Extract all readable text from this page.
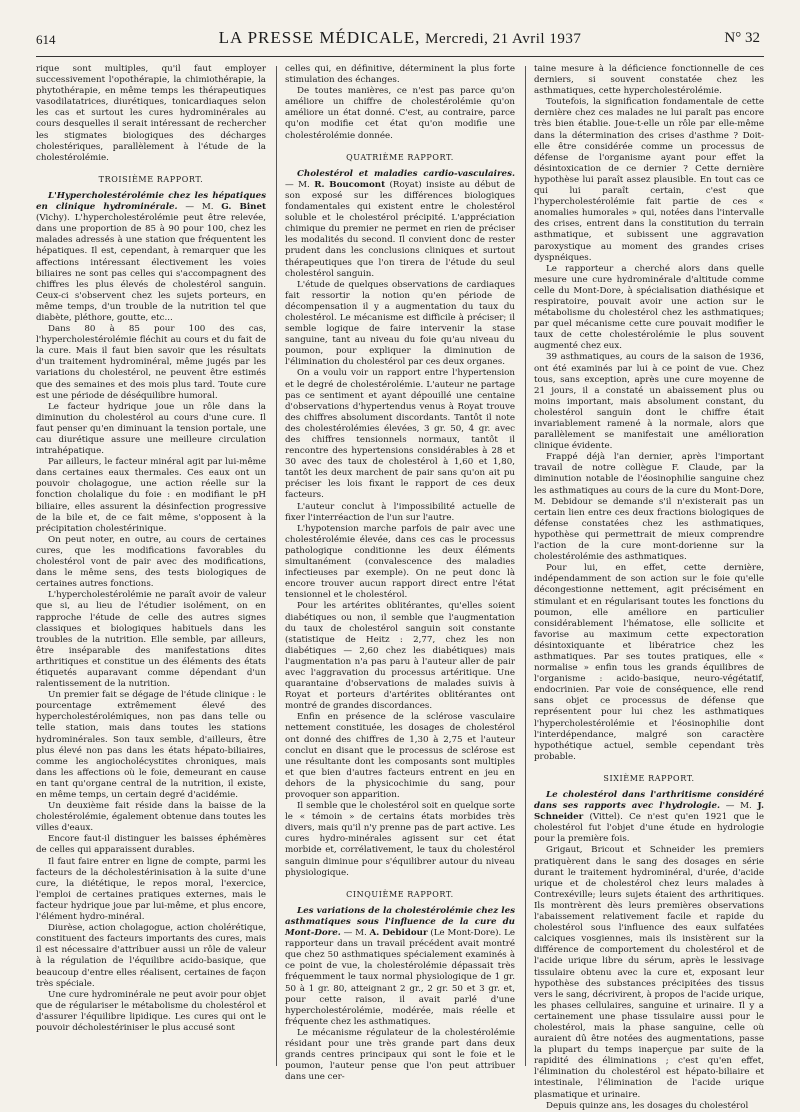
614	LA PRESSE MÉDICALE, Mercredi, 21 Avril 1937	N° 32

rique sont multiples, qu'il faut employer successivement l'opothérapie, la chimiothérapie, la phytothérapie, en même temps les thérapeutiques vasodilatatrices, diurétiques, tonicardiaques selon les cas et surtout les cures hydrominérales au cours desquelles il serait intéressant de rechercher les stigmates biologiques des décharges cholestériques, parallèlement à l'étude de la cholestérolémie.

TROISIÈME RAPPORT.

L'Hypercholestérolémie chez les hépatiques en clinique hydrominérale. — M. G. Binet (Vichy). L'hypercholestérolémie peut être relevée, dans une proportion de 85 à 90 pour 100, chez les malades adressés à une station que fréquentent les hépatiques. Il est, cependant, à remarquer que les affections intéressant électivement les voies biliaires ne sont pas celles qui s'accompagnent des chiffres les plus élevés de cholestérol sanguin. Ceux-ci s'observent chez les sujets porteurs, en même temps, d'un trouble de la nutrition tel que diabète, pléthore, goutte, etc...

Dans 80 à 85 pour 100 des cas, l'hypercholestérolémie fléchit au cours et du fait de la cure. Mais il faut bien savoir que les résultats d'un traitement hydrominéral, même jugés par les variations du cholestérol, ne peuvent être estimés que des semaines et des mois plus tard. Toute cure est une période de déséquilibre humoral.

Le facteur hydrique joue un rôle dans la diminution du cholestérol au cours d'une cure. Il faut penser qu'en diminuant la tension portale, une cau diurétique assure une meilleure circulation intrahépatique.

Par ailleurs, le facteur minéral agit par lui-même dans certaines eaux thermales. Ces eaux ont un pouvoir cholagogue, une action réelle sur la fonction cholalique du foie : en modifiant le pH biliaire, elles assurent la désinfection progressive de la bile et, de ce fait même, s'opposent à la précipitation cholestérinique.

On peut noter, en outre, au cours de certaines cures, que les modifications favorables du cholestérol vont de pair avec des modifications, dans le même sens, des tests biologiques de certaines autres fonctions.

L'hypercholestérolémie ne paraît avoir de valeur que si, au lieu de l'étudier isolément, on en rapproche l'étude de celle des autres signes classiques et biologiques habituels dans les troubles de la nutrition. Elle semble, par ailleurs, être inséparable des manifestations dites arthritiques et constitue un des éléments des états étiquetés auparavant comme dépendant d'un ralentissement de la nutrition.

Un premier fait se dégage de l'étude clinique : le pourcentage extrêmement élevé des hypercholestérolémiques, non pas dans telle ou telle station, mais dans toutes les stations hydrominérales. Son taux semble, d'ailleurs, être plus élevé non pas dans les états hépato-biliaires, comme les angiocholécystites chroniques, mais dans les affections où le foie, demeurant en cause en tant qu'organe central de la nutrition, il existe, en même temps, un certain degré d'acidémie.

Un deuxième fait réside dans la baisse de la cholestérolémie, également obtenue dans toutes les villes d'eaux.

Encore faut-il distinguer les baisses éphémères de celles qui apparaissent durables.

Il faut faire entrer en ligne de compte, parmi les facteurs de la décholestérinisation à la suite d'une cure, la diététique, le repos moral, l'exercice, l'emploi de certaines pratiques externes, mais le facteur hydrique joue par lui-même, et plus encore, l'élément hydro-minéral.

Diurèse, action cholagogue, action cholérétique, constituent des facteurs importants des cures, mais il est nécessaire d'attribuer aussi un rôle de valeur à la régulation de l'équilibre acido-basique, que beaucoup d'entre elles réalisent, certaines de façon très spéciale.

Une cure hydrominérale ne peut avoir pour objet que de régulariser le métabolisme du cholestérol et d'assurer l'équilibre lipidique. Les cures qui ont le pouvoir décholestériniser le plus accusé sont

celles qui, en définitive, déterminent la plus forte stimulation des échanges.

De toutes manières, ce n'est pas parce qu'on améliore un chiffre de cholestérolémie qu'on améliore un état donné. C'est, au contraire, parce qu'on modifie cet état qu'on modifie une cholestérolémie donnée.

QUATRIÈME RAPPORT.

Cholestérol et maladies cardio-vasculaires. — M. R. Boucomont (Royat) insiste au début de son exposé sur les différences biologiques fondamentales qui existent entre le cholestérol soluble et le cholestérol précipité. L'appréciation chimique du premier ne permet en rien de préciser les modalités du second. Il convient donc de rester prudent dans les conclusions cliniques et surtout thérapeutiques que l'on tirera de l'étude du seul cholestérol sanguin.

L'étude de quelques observations de cardiaques fait ressortir la notion qu'en période de décompensation il y a augmentation du taux du cholestérol. Le mécanisme est difficile à préciser; il semble logique de faire intervenir la stase sanguine, tant au niveau du foie qu'au niveau du poumon, pour expliquer la diminution de l'élimination du cholestérol par ces deux organes.

On a voulu voir un rapport entre l'hypertension et le degré de cholestérolémie. L'auteur ne partage pas ce sentiment et ayant dépouillé une centaine d'observations d'hypertendus venus à Royat trouve des chiffres absolument discordants. Tantôt il note des cholestérolémies élevées, 3 gr. 50, 4 gr. avec des chiffres tensionnels normaux, tantôt il rencontre des hypertensions considérables à 28 et 30 avec des taux de cholestérol à 1,60 et 1,80, tantôt les deux marchent de pair sans qu'on ait pu préciser les lois fixant le rapport de ces deux facteurs.

L'auteur conclut à l'impossibilité actuelle de fixer l'interréaction de l'un sur l'autre.

L'hypotension marche parfois de pair avec une cholestérolémie élevée, dans ces cas le processus pathologique conditionne les deux éléments simultanément (convalescence des maladies infectieuses par exemple). On ne peut donc là encore trouver aucun rapport direct entre l'état tensionnel et le cholestérol.

Pour les artérites oblitérantes, qu'elles soient diabétiques ou non, il semble que l'augmentation du taux de cholestérol sanguin soit constante (statistique de Heitz : 2,77, chez les non diabétiques — 2,60 chez les diabétiques) mais l'augmentation n'a pas paru à l'auteur aller de pair avec l'aggravation du processus artéritique. Une quarantaine d'observations de malades suivis à Royat et porteurs d'artérites oblitérantes ont montré de grandes discordances.

Enfin en présence de la sclérose vasculaire nettement constituée, les dosages de cholestérol ont donné des chiffres de 1,30 à 2,75 et l'auteur conclut en disant que le processus de sclérose est une résultante dont les composants sont multiples et que bien d'autres facteurs entrent en jeu en dehors de la physicochimie du sang, pour provoquer son apparition.

Il semble que le cholestérol soit en quelque sorte le « témoin » de certains états morbides très divers, mais qu'il n'y prenne pas de part active. Les cures hydro-minérales agissent sur cet état morbide et, corrélativement, le taux du cholestérol sanguin diminue pour s'équilibrer autour du niveau physiologique.

CINQUIÈME RAPPORT.

Les variations de la cholestérolémie chez les asthmatiques sous l'influence de la cure du Mont-Dore. — M. A. Debidour (Le Mont-Dore). Le rapporteur dans un travail précédent avait montré que chez 50 asthmatiques spécialement examinés à ce point de vue, la cholestérolémie dépassait très fréquemment le taux normal physiologique de 1 gr. 50 à 1 gr. 80, atteignant 2 gr., 2 gr. 50 et 3 gr. et, pour cette raison, il avait parlé d'une hypercholestérolémie, modérée, mais réelle et fréquente chez les asthmatiques.

Le mécanisme régulateur de la cholestérolémie résidant pour une très grande part dans deux grands centres principaux qui sont le foie et le poumon, l'auteur pense que l'on peut attribuer dans une cer-

taine mesure à la déficience fonctionnelle de ces derniers, si souvent constatée chez les asthmatiques, cette hypercholestérolémie.

Toutefois, la signification fondamentale de cette dernière chez ces malades ne lui paraît pas encore très bien établie. Joue-t-elle un rôle par elle-même dans la détermination des crises d'asthme ? Doit-elle être considérée comme un processus de défense de l'organisme ayant pour effet la désintoxication de ce dernier ? Cette dernière hypothèse lui paraît assez plausible. En tout cas ce qui lui paraît certain, c'est que l'hypercholestérolémie fait partie de ces « anomalies humorales » qui, notées dans l'intervalle des crises, entrent dans la constitution du terrain asthmatique, et subissent une aggravation paroxystique au moment des grandes crises dyspnéiques.

Le rapporteur a cherché alors dans quelle mesure une cure hydrominérale d'altitude comme celle du Mont-Dore, à spécialisation diathésique et respiratoire, pouvait avoir une action sur le métabolisme du cholestérol chez les asthmatiques; par quel mécanisme cette cure pouvait modifier le taux de cette cholestérolémie le plus souvent augmenté chez eux.

39 asthmatiques, au cours de la saison de 1936, ont été examinés par lui à ce point de vue. Chez tous, sans exception, après une cure moyenne de 21 jours, il a constaté un abaissement plus ou moins important, mais absolument constant, du cholestérol sanguin dont le chiffre était invariablement ramené à la normale, alors que parallèlement se manifestait une amélioration clinique évidente.

Frappé déjà l'an dernier, après l'important travail de notre collègue F. Claude, par la diminution notable de l'éosinophilie sanguine chez les asthmatiques au cours de la cure du Mont-Dore, M. Debidour se demande s'il n'existerait pas un certain lien entre ces deux fractions biologiques de défense constatées chez les asthmatiques, hypothèse qui permettrait de mieux comprendre l'action de la cure mont-dorienne sur la cholestérolémie des asthmatiques.

Pour lui, en effet, cette dernière, indépendamment de son action sur le foie qu'elle décongestionne nettement, agit précisément en stimulant et en régularisant toutes les fonctions du poumon, elle améliore en particulier considérablement l'hématose, elle sollicite et favorise au maximum cette expectoration désintoxiquante et libératrice chez les asthmatiques. Par ses toutes pratiques, elle « normalise » enfin tous les grands équilibres de l'organisme : acido-basique, neuro-végétatif, endocrinien. Par voie de conséquence, elle rend sans objet ce processus de défense que représentent pour lui chez les asthmatiques l'hypercholestérolémie et l'éosinophilie dont l'interdépendance, malgré son caractère hypothétique actuel, semble cependant très probable.

SIXIÈME RAPPORT.

Le cholestérol dans l'arthritisme considéré dans ses rapports avec l'hydrologie. — M. J. Schneider (Vittel). Ce n'est qu'en 1921 que le cholestérol fut l'objet d'une étude en hydrologie pour la première fois.

Grigaut, Bricout et Schneider les premiers pratiquèrent dans le sang des dosages en série durant le traitement hydrominéral, d'urée, d'acide urique et de cholestérol chez leurs malades à Contrexéville; leurs sujets étaient des arthritiques. Ils montrèrent dès leurs premières observations l'abaissement relativement facile et rapide du cholestérol sous l'influence des eaux sulfatées calciques vosgiennes, mais ils insistèrent sur la différence de comportement du cholestérol et de l'acide urique libre du sérum, après le lessivage tissulaire obtenu avec la cure et, exposant leur hypothèse des substances précipitées des tissus vers le sang, décrivirent, à propos de l'acide urique, les phases cellulaires, sanguine et urinaire. Il y a certainement une phase tissulaire aussi pour le cholestérol, mais la phase sanguine, celle où auraient dû être notées des augmentations, passe la plupart du temps inaperçue par suite de la rapidité des éliminations ; c'est qu'en effet, l'élimination du cholestérol est hépato-biliaire et intestinale, l'élimination de l'acide urique plasmatique et urinaire.

Depuis quinze ans, les dosages du cholestérol
